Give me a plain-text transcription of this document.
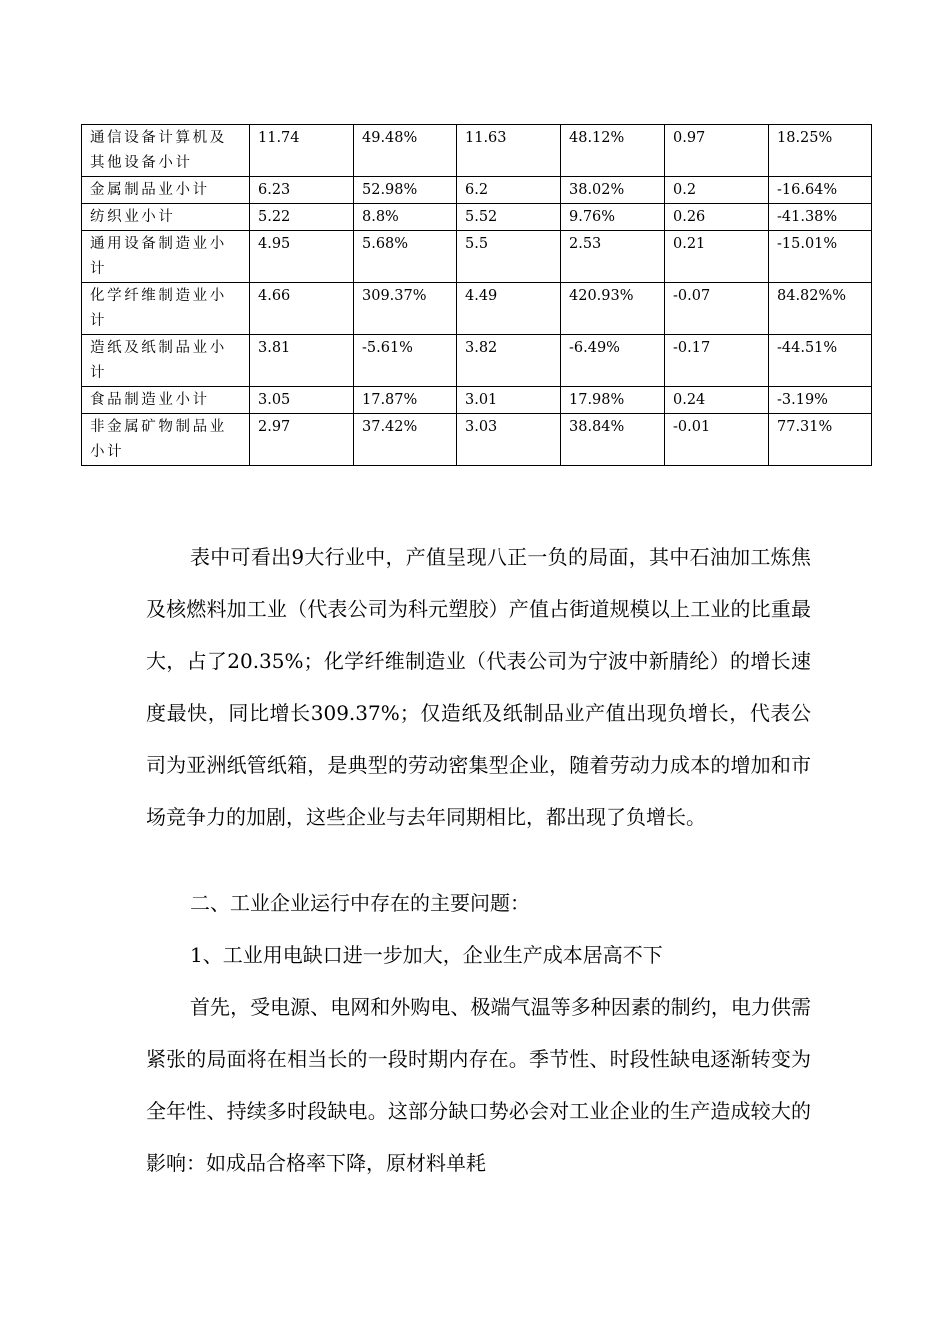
通信设备计算机及其他设备小计	11.74	49.48%	11.63	48.12%	0.97	18.25%
金属制品业小计	6.23	52.98%	6.2	38.02%	0.2	-16.64%
纺织业小计	5.22	8.8%	5.52	9.76%	0.26	-41.38%
通用设备制造业小计	4.95	5.68%	5.5	2.53	0.21	-15.01%
化学纤维制造业小计	4.66	309.37%	4.49	420.93%	-0.07	84.82%%
造纸及纸制品业小计	3.81	-5.61%	3.82	-6.49%	-0.17	-44.51%
食品制造业小计	3.05	17.87%	3.01	17.98%	0.24	-3.19%
非金属矿物制品业小计	2.97	37.42%	3.03	38.84%	-0.01	77.31%

表中可看出9大行业中，产值呈现八正一负的局面，其中石油加工炼焦及核燃料加工业（代表公司为科元塑胶）产值占街道规模以上工业的比重最大，占了20.35%；化学纤维制造业（代表公司为宁波中新腈纶）的增长速度最快，同比增长309.37%；仅造纸及纸制品业产值出现负增长，代表公司为亚洲纸管纸箱，是典型的劳动密集型企业，随着劳动力成本的增加和市场竞争力的加剧，这些企业与去年同期相比，都出现了负增长。

二、工业企业运行中存在的主要问题：

1、工业用电缺口进一步加大，企业生产成本居高不下

首先，受电源、电网和外购电、极端气温等多种因素的制约，电力供需紧张的局面将在相当长的一段时期内存在。季节性、时段性缺电逐渐转变为全年性、持续多时段缺电。这部分缺口势必会对工业企业的生产造成较大的影响：如成品合格率下降，原材料单耗
